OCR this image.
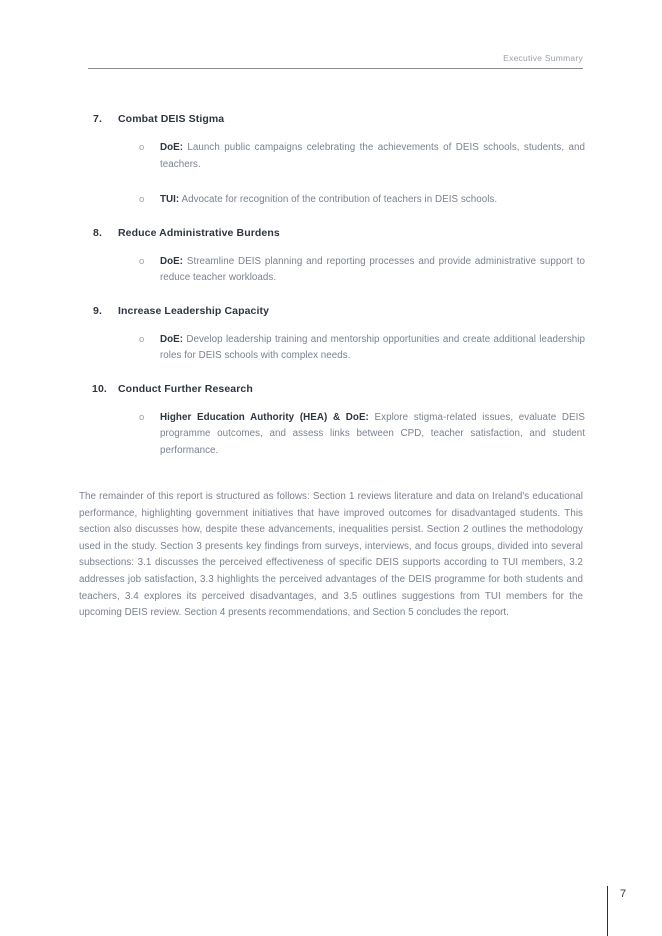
Executive Summary
7.	Combat DEIS Stigma
o DoE: Launch public campaigns celebrating the achievements of DEIS schools, students, and teachers.
o TUI: Advocate for recognition of the contribution of teachers in DEIS schools.
8.	Reduce Administrative Burdens
o DoE: Streamline DEIS planning and reporting processes and provide administrative support to reduce teacher workloads.
9.	Increase Leadership Capacity
o DoE: Develop leadership training and mentorship opportunities and create additional leadership roles for DEIS schools with complex needs.
10.	Conduct Further Research
o Higher Education Authority (HEA) & DoE: Explore stigma-related issues, evaluate DEIS programme outcomes, and assess links between CPD, teacher satisfaction, and student performance.
The remainder of this report is structured as follows: Section 1 reviews literature and data on Ireland's educational performance, highlighting government initiatives that have improved outcomes for disadvantaged students. This section also discusses how, despite these advancements, inequalities persist. Section 2 outlines the methodology used in the study. Section 3 presents key findings from surveys, interviews, and focus groups, divided into several subsections: 3.1 discusses the perceived effectiveness of specific DEIS supports according to TUI members, 3.2 addresses job satisfaction, 3.3 highlights the perceived advantages of the DEIS programme for both students and teachers, 3.4 explores its perceived disadvantages, and 3.5 outlines suggestions from TUI members for the upcoming DEIS review. Section 4 presents recommendations, and Section 5 concludes the report.
7
